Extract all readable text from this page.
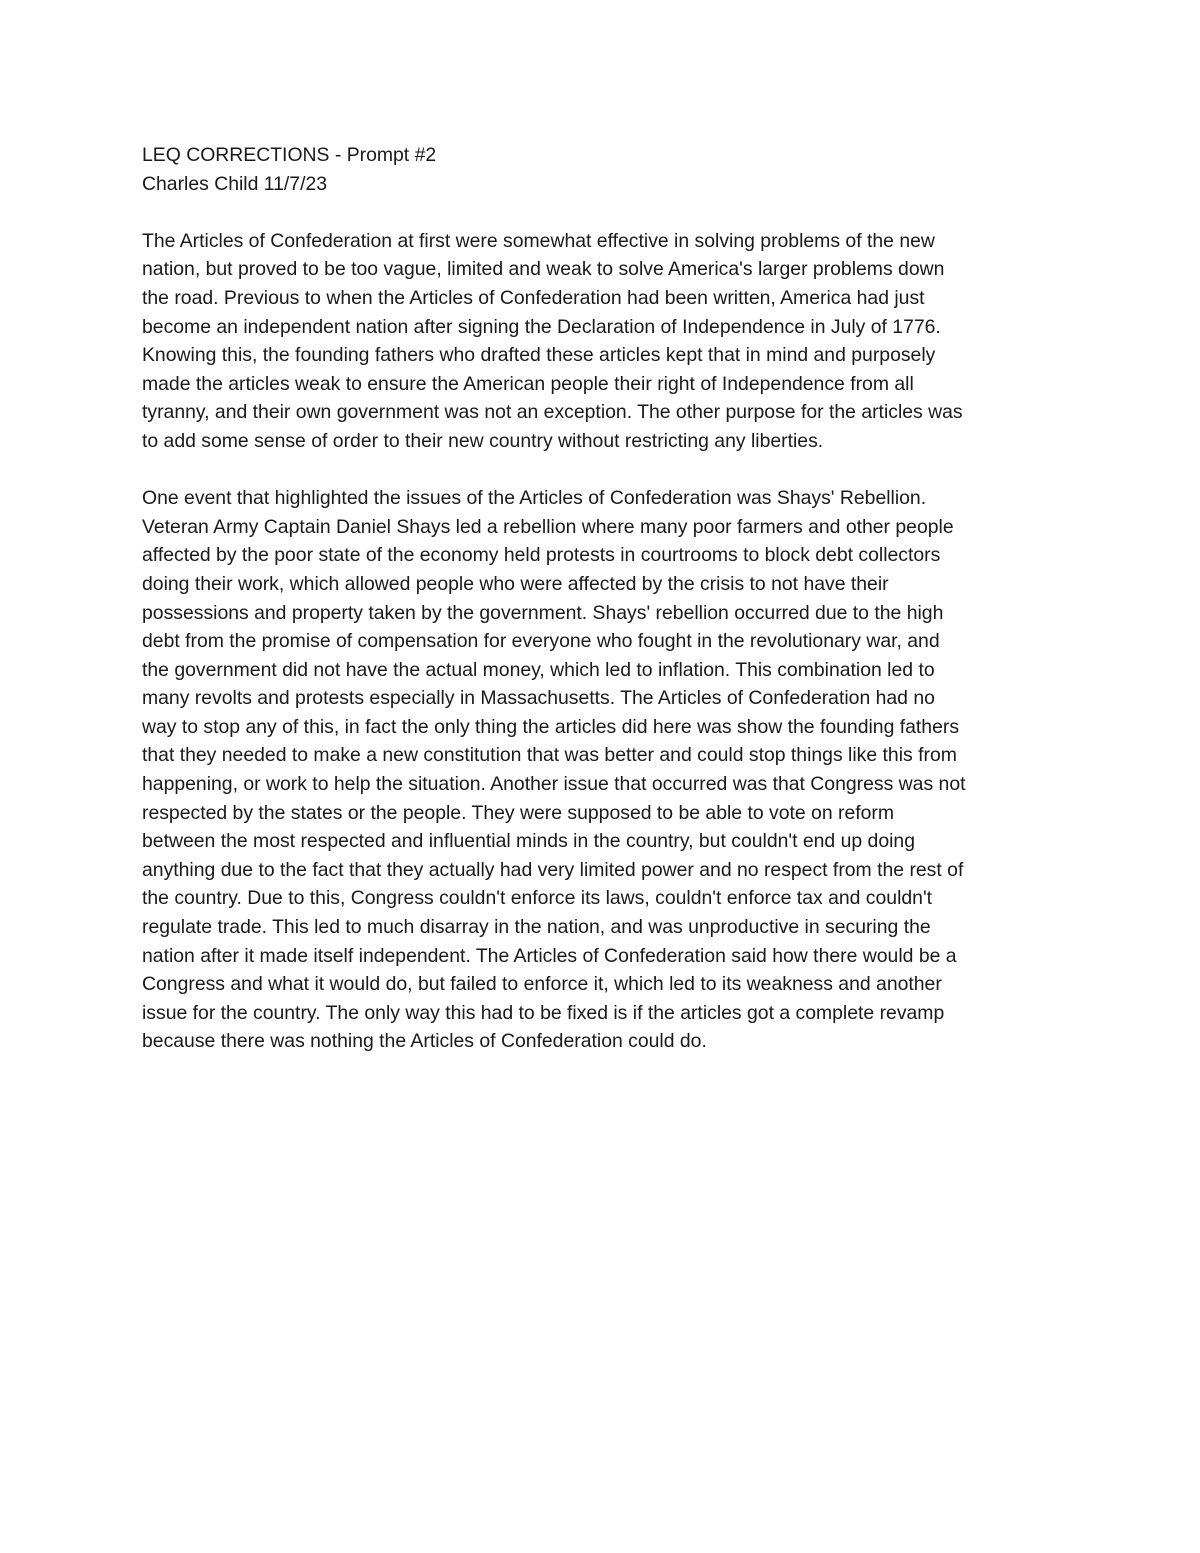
LEQ CORRECTIONS - Prompt #2
Charles Child 11/7/23
The Articles of Confederation at first were somewhat effective in solving problems of the new
nation, but proved to be too vague, limited and weak to solve America's larger problems down
the road. Previous to when the Articles of Confederation had been written, America had just
become an independent nation after signing the Declaration of Independence in July of 1776.
Knowing this, the founding fathers who drafted these articles kept that in mind and purposely
made the articles weak to ensure the American people their right of Independence from all
tyranny, and their own government was not an exception. The other purpose for the articles was
to add some sense of order to their new country without restricting any liberties.
One event that highlighted the issues of the Articles of Confederation was Shays' Rebellion.
Veteran Army Captain Daniel Shays led a rebellion where many poor farmers and other people
affected by the poor state of the economy held protests in courtrooms to block debt collectors
doing their work, which allowed people who were affected by the crisis to not have their
possessions and property taken by the government. Shays' rebellion occurred due to the high
debt from the promise of compensation for everyone who fought in the revolutionary war, and
the government did not have the actual money, which led to inflation. This combination led to
many revolts and protests especially in Massachusetts. The Articles of Confederation had no
way to stop any of this, in fact the only thing the articles did here was show the founding fathers
that they needed to make a new constitution that was better and could stop things like this from
happening, or work to help the situation. Another issue that occurred was that Congress was not
respected by the states or the people. They were supposed to be able to vote on reform
between the most respected and influential minds in the country, but couldn't end up doing
anything due to the fact that they actually had very limited power and no respect from the rest of
the country. Due to this, Congress couldn't enforce its laws, couldn't enforce tax and couldn't
regulate trade. This led to much disarray in the nation, and was unproductive in securing the
nation after it made itself independent. The Articles of Confederation said how there would be a
Congress and what it would do, but failed to enforce it, which led to its weakness and another
issue for the country. The only way this had to be fixed is if the articles got a complete revamp
because there was nothing the Articles of Confederation could do.
